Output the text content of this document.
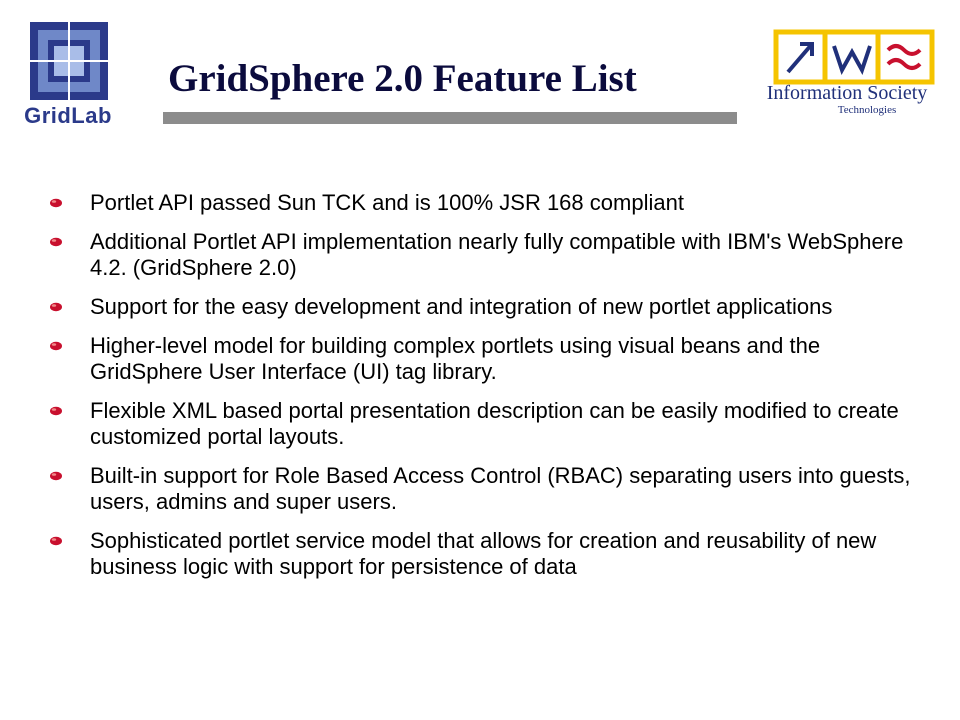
GridLab
GridSphere 2.0 Feature List	Information Society
Technologies
Portlet API passed Sun TCK and is 100% JSR 168 compliant
Additional Portlet API implementation nearly fully compatible with IBM's WebSphere 4.2. (GridSphere 2.0)
Support for the easy development and integration of new portlet applications
Higher-level model for building complex portlets using visual beans and the GridSphere User Interface (UI) tag library.
Flexible XML based portal presentation description can be easily modified to create customized portal layouts.
Built-in support for Role Based Access Control (RBAC) separating users into guests, users, admins and super users.
Sophisticated portlet service model that allows for creation and reusability of new business logic with support for persistence of data
